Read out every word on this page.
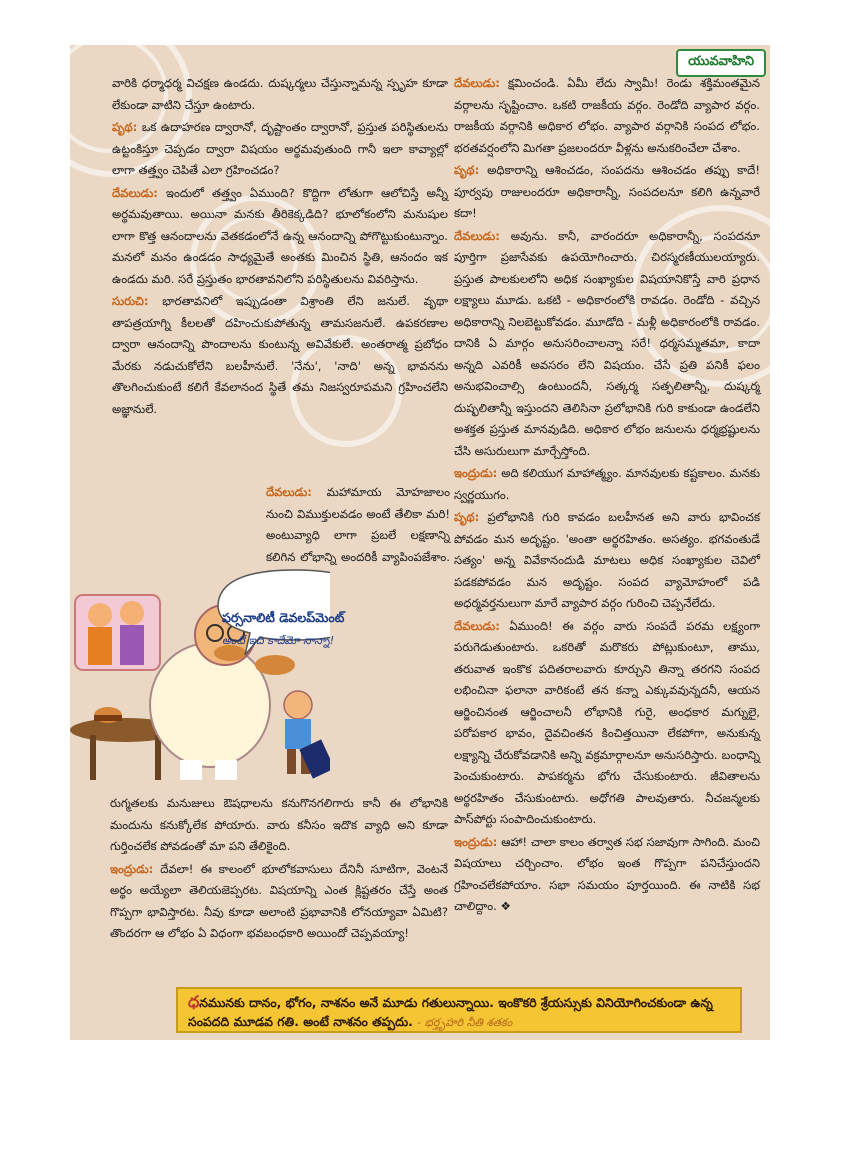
యువవాహిని

వారికి ధర్మాధర్మ విచక్షణ ఉండదు. దుష్కర్మలు చేస్తున్నామన్న స్పృహ కూడా లేకుండా వాటిని చేస్తూ ఉంటారు.

పృథ: ఒక ఉదాహరణ ద్వారానో, దృష్టాంతం ద్వారానో, ప్రస్తుత పరిస్థితులను ఉట్టంకిస్తూ చెప్పడం ద్వారా విషయం అర్థమవుతుంది గానీ ఇలా కావ్యాల్లో లాగా తత్త్వం చెపితే ఎలా గ్రహించడం?

దేవలుడు: ఇందులో తత్త్వం ఏముంది? కొద్దిగా లోతుగా ఆలోచిస్తే అన్నీ అర్థమవుతాయి. అయినా మనకు తీరికెక్కడిది? భూలోకంలోని మనుషుల లాగా కొత్త ఆనందాలను వెతకడంలోనే ఉన్న ఆనందాన్ని పోగొట్టుకుంటున్నాం. మనలో మనం ఉండడం సాధ్యమైతే అంతకు మించిన స్థితి, ఆనందం ఇక ఉండదు మరి. సరే ప్రస్తుతం భారతావనిలోని పరిస్థితులను వివరిస్తాను.

సురుచి: భారతావనిలో ఇప్పుడంతా విశ్రాంతి లేని జనులే. వృథా తాపత్రయాగ్ని కీలలతో దహించుకుపోతున్న తామసజనులే. ఉపకరణాల ద్వారా ఆనందాన్ని పొందాలను కుంటున్న అవివేకులే. అంతరాత్మ ప్రబోధం మేరకు నడుచుకోలేని బలహీనులే. 'నేను', 'నాది' అన్న భావనను తొలగించుకుంటే కలిగే కేవలానంద స్థితే తమ నిజస్వరూపమని గ్రహించలేని అజ్ఞానులే.

దేవలుడు: మహామాయ మోహజాలం నుంచి విముక్తులవడం అంటే తేలికా మరి! అంటువ్యాధి లాగా ప్రబలే లక్షణాన్ని కలిగిన లోభాన్ని అందరికీ వ్యాపింపజేశాం.

రుగ్మతలకు మనుజులు ఔషధాలను కనుగొనగలిగారు కానీ ఈ లోభానికి మందును కనుక్కోలేక పోయారు. వారు కనీసం ఇదొక వ్యాధి అని కూడా గుర్తించలేక పోవడంతో మా పని తేలికైంది.

ఇంద్రుడు: దేవలా! ఈ కాలంలో భూలోకవాసులు దేనినీ సూటిగా, వెంటనే అర్థం అయ్యేలా తెలియజెప్పరట. విషయాన్ని ఎంత క్లిష్టతరం చేస్తే అంత గొప్పగా భావిస్తారట. నీవు కూడా అలాంటి ప్రభావానికి లోనయ్యావా ఏమిటి? తొందరగా ఆ లోభం ఏ విధంగా భవబంధకారి అయిందో చెప్పవయ్యా!

దేవలుడు: క్షమించండి. ఏమీ లేదు స్వామీ! రెండు శక్తిమంతమైన వర్గాలను సృష్టించాం. ఒకటి రాజకీయ వర్గం. రెండోది వ్యాపార వర్గం. రాజకీయ వర్గానికి అధికార లోభం. వ్యాపార వర్గానికి సంపద లోభం. భరతవర్షంలోని మిగతా ప్రజలందరూ వీళ్లను అనుకరించేలా చేశాం.

పృథ: అధికారాన్ని ఆశించడం, సంపదను ఆశించడం తప్పు కాదే! పూర్వపు రాజులందరూ అధికారాన్నీ, సంపదలనూ కలిగి ఉన్నవారే కదా!

దేవలుడు: అవును. కానీ, వారందరూ అధికారాన్నీ, సంపదనూ పూర్తిగా ప్రజాసేవకు ఉపయోగించారు. చిరస్మరణీయులయ్యారు. ప్రస్తుత పాలకులలోని అధిక సంఖ్యాకుల విషయానికొస్తే వారి ప్రధాన లక్ష్యాలు మూడు. ఒకటి - అధికారంలోకి రావడం. రెండోది - వచ్చిన అధికారాన్ని నిలబెట్టుకోవడం. మూడోది - మళ్లీ అధికారంలోకి రావడం. దానికి ఏ మార్గం అనుసరించాలన్నా సరే! ధర్మసమ్మతమా, కాదా అన్నది ఎవరికీ అవసరం లేని విషయం. చేసే ప్రతి పనికీ ఫలం అనుభవించాల్సి ఉంటుందనీ, సత్కర్మ సత్ఫలితాన్నీ, దుష్కర్మ దుష్ఫలితాన్నీ ఇస్తుందని తెలిసినా ప్రలోభానికి గురి కాకుండా ఉండలేని అశక్తత ప్రస్తుత మానవుడిది. అధికార లోభం జనులను ధర్మభ్రష్టులను చేసి అసురులుగా మార్చేస్తోంది.

ఇంద్రుడు: అది కలియుగ మాహాత్మ్యం. మానవులకు కష్టకాలం. మనకు స్వర్ణయుగం.

పృథ: ప్రలోభానికి గురి కావడం బలహీనత అని వారు భావించక పోవడం మన అదృష్టం. 'అంతా అర్థరహితం. అసత్యం. భగవంతుడే సత్యం' అన్న వివేకానందుడి మాటలు అధిక సంఖ్యాకుల చెవిలో పడకపోవడం మన అదృష్టం. సంపద వ్యామోహంలో పడి అధర్మవర్తనులుగా మారే వ్యాపార వర్గం గురించి చెప్పనేలేదు.

దేవలుడు: ఏముంది! ఈ వర్గం వారు సంపదే పరమ లక్ష్యంగా పరుగెడుతుంటారు. ఒకరితో మరొకరు పోట్లుకుంటూ, తాము, తరువాత ఇంకొక పదితరాలవారు కూర్చుని తిన్నా తరగని సంపద లభించినా ఫలానా వారికంటే తన కన్నా ఎక్కువవున్నదనీ, ఆయన ఆర్జించినంత ఆర్జించాలనీ లోభానికి గురై, అంధకార మగ్నులై, పరోపకార భావం, దైవచింతన కించిత్తయినా లేకపోగా, అనుకున్న లక్ష్యాన్ని చేరుకోవడానికి అన్ని వక్రమార్గాలనూ అనుసరిస్తారు. బంధాన్ని పెంచుకుంటారు. పాపకర్మను భోగు చేసుకుంటారు. జీవితాలను అర్థరహితం చేసుకుంటారు. అధోగతి పాలవుతారు. నీచజన్మలకు పాస్‌పోర్టు సంపాదించుకుంటారు.

ఇంద్రుడు: ఆహా! చాలా కాలం తర్వాత సభ సజావుగా సాగింది. మంచి విషయాలు చర్చించాం. లోభం ఇంత గొప్పగా పనిచేస్తుందని గ్రహించలేకపోయాం. సభా సమయం పూర్తయింది. ఈ నాటికి సభ చాలిద్దాం. ❖

పర్సనాలిటీ డెవలప్‌మెంట్
అంటే ఇది కాదేమో నాన్నా!
ధనమునకు దానం, భోగం, నాశనం అనే మూడు గతులున్నాయి. ఇంకొకరి శ్రేయస్సుకు వినియోగించకుండా ఉన్న సంపదది మూడవ గతి. అంటే నాశనం తప్పదు. - భర్తృహరి నీతి శతకం
